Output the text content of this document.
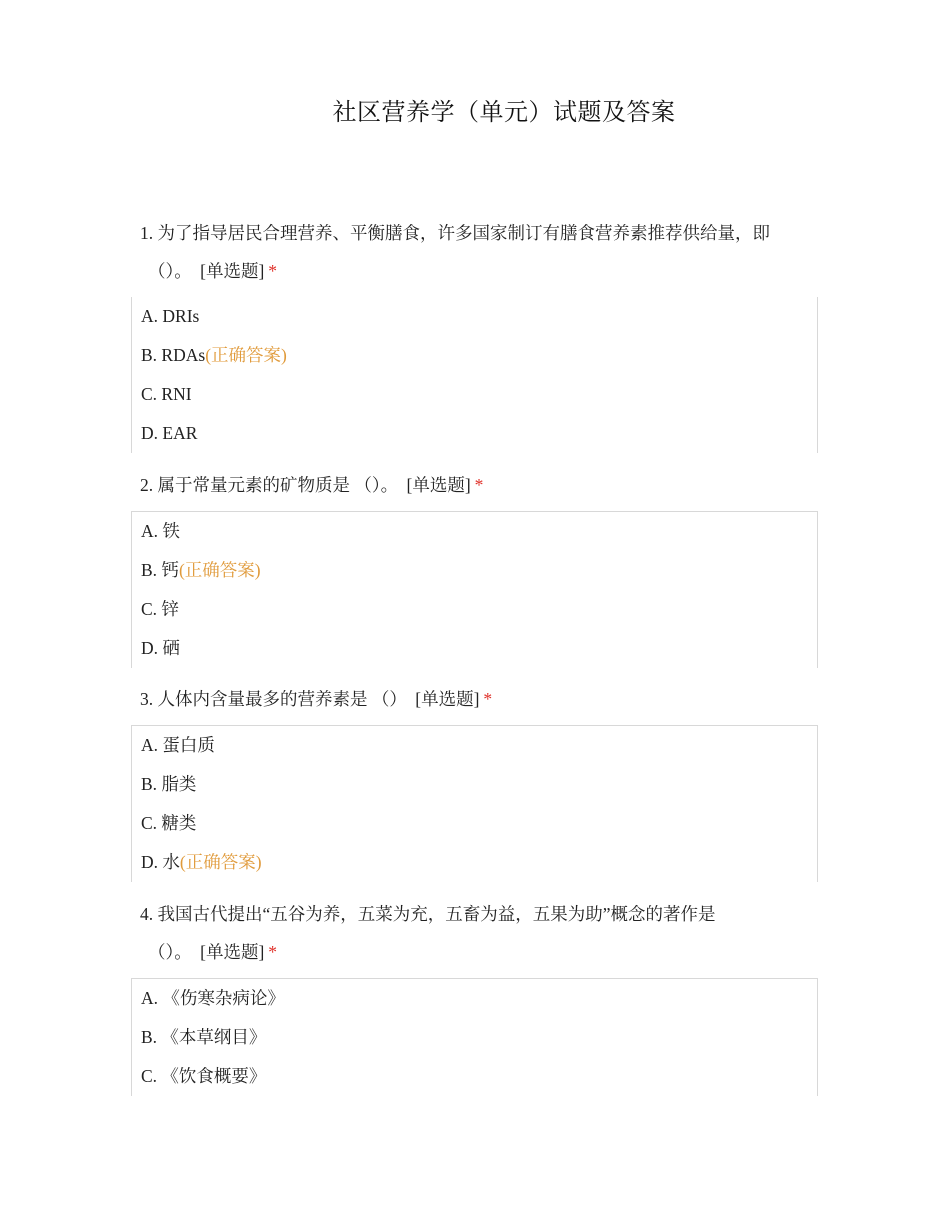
社区营养学（单元）试题及答案
1. 为了指导居民合理营养、平衡膳食，许多国家制订有膳食营养素推荐供给量，即
（）。 [单选题] *
A. DRIs
B. RDAs(正确答案)
C. RNI
D. EAR
2. 属于常量元素的矿物质是 （）。 [单选题] *
A. 铁
B. 钙(正确答案)
C. 锌
D. 硒
3. 人体内含量最多的营养素是 （） [单选题] *
A. 蛋白质
B. 脂类
C. 糖类
D. 水(正确答案)
4. 我国古代提出“五谷为养，五菜为充，五畜为益，五果为助”概念的著作是
（）。 [单选题] *
A. 《伤寒杂病论》
B. 《本草纲目》
C. 《饮食概要》
